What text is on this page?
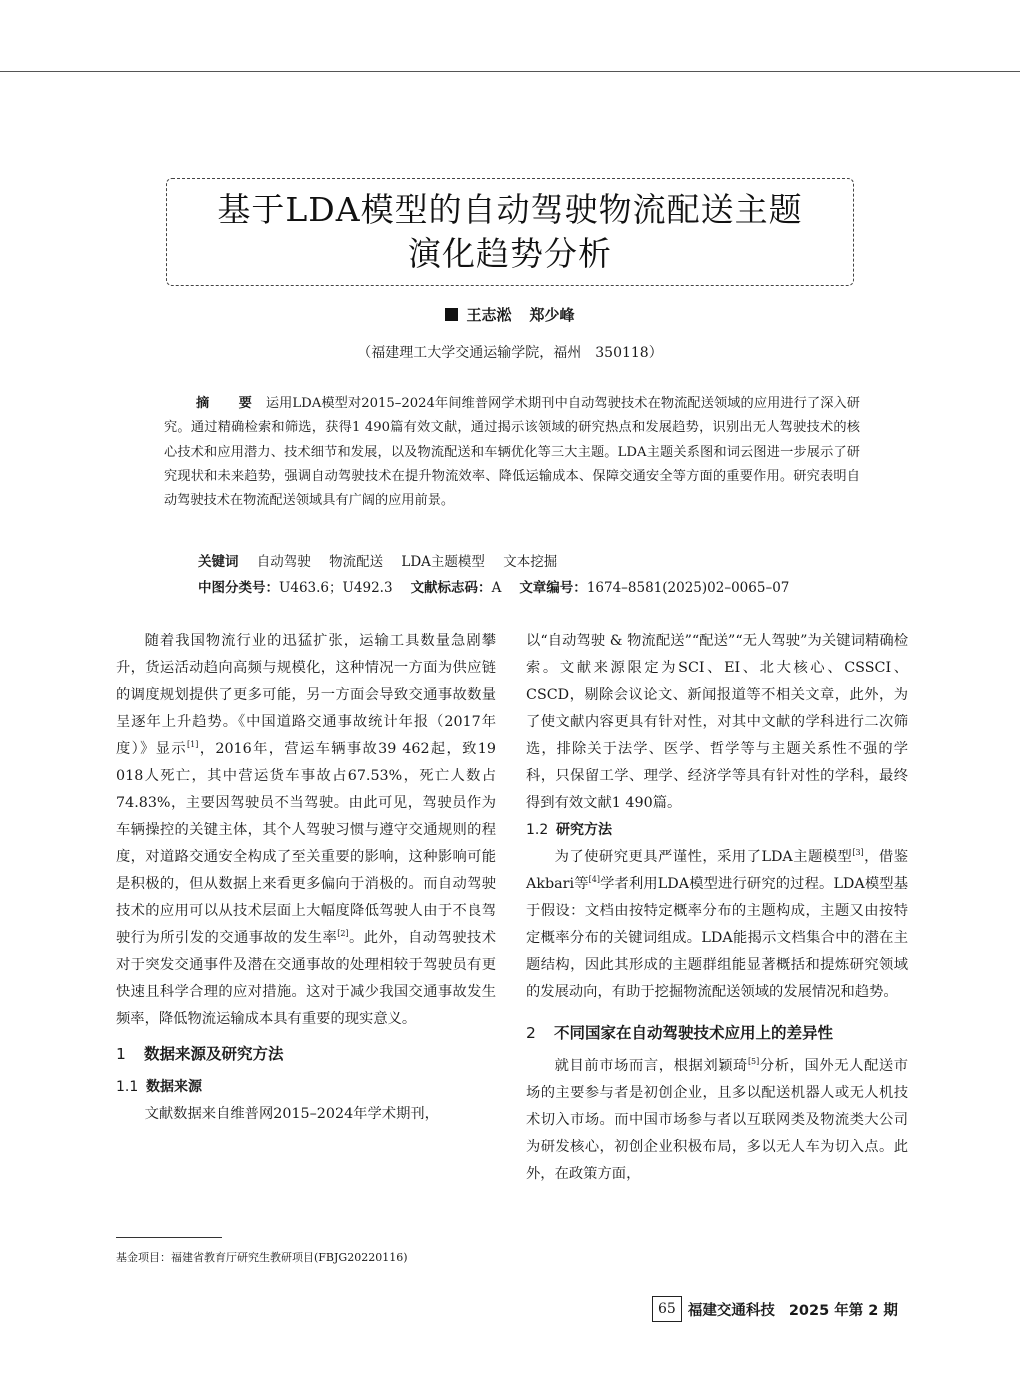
基于LDA模型的自动驾驶物流配送主题
演化趋势分析
王志淞 郑少峰
（福建理工大学交通运输学院，福州　350118）
摘　要 运用LDA模型对2015–2024年间维普网学术期刊中自动驾驶技术在物流配送领域的应用进行了深入研究。通过精确检索和筛选，获得1 490篇有效文献，通过揭示该领域的研究热点和发展趋势，识别出无人驾驶技术的核心技术和应用潜力、技术细节和发展，以及物流配送和车辆优化等三大主题。LDA主题关系图和词云图进一步展示了研究现状和未来趋势，强调自动驾驶技术在提升物流效率、降低运输成本、保障交通安全等方面的重要作用。研究表明自动驾驶技术在物流配送领域具有广阔的应用前景。
关键词 自动驾驶 物流配送 LDA主题模型 文本挖掘
中图分类号：U463.6；U492.3 文献标志码：A 文章编号：1674–8581(2025)02–0065–07

随着我国物流行业的迅猛扩张，运输工具数量急剧攀升，货运活动趋向高频与规模化，这种情况一方面为供应链的调度规划提供了更多可能，另一方面会导致交通事故数量呈逐年上升趋势。《中国道路交通事故统计年报（2017年度）》显示[1]，2016年，营运车辆事故39 462起，致19 018人死亡，其中营运货车事故占67.53%，死亡人数占74.83%，主要因驾驶员不当驾驶。由此可见，驾驶员作为车辆操控的关键主体，其个人驾驶习惯与遵守交通规则的程度，对道路交通安全构成了至关重要的影响，这种影响可能是积极的，但从数据上来看更多偏向于消极的。而自动驾驶技术的应用可以从技术层面上大幅度降低驾驶人由于不良驾驶行为所引发的交通事故的发生率[2]。此外，自动驾驶技术对于突发交通事件及潜在交通事故的处理相较于驾驶员有更快速且科学合理的应对措施。这对于减少我国交通事故发生频率，降低物流运输成本具有重要的现实意义。

1 数据来源及研究方法
1.1 数据来源

文献数据来自维普网2015–2024年学术期刊，

以“自动驾驶 & 物流配送”“配送”“无人驾驶”为关键词精确检索。文献来源限定为SCI、EI、北大核心、CSSCI、CSCD，剔除会议论文、新闻报道等不相关文章，此外，为了使文献内容更具有针对性，对其中文献的学科进行二次筛选，排除关于法学、医学、哲学等与主题关系性不强的学科，只保留工学、理学、经济学等具有针对性的学科，最终得到有效文献1 490篇。

1.2 研究方法

为了使研究更具严谨性，采用了LDA主题模型[3]，借鉴Akbari等[4]学者利用LDA模型进行研究的过程。LDA模型基于假设：文档由按特定概率分布的主题构成，主题又由按特定概率分布的关键词组成。LDA能揭示文档集合中的潜在主题结构，因此其形成的主题群组能显著概括和提炼研究领域的发展动向，有助于挖掘物流配送领域的发展情况和趋势。

2 不同国家在自动驾驶技术应用上的差异性

就目前市场而言，根据刘颖琦[5]分析，国外无人配送市场的主要参与者是初创企业，且多以配送机器人或无人机技术切入市场。而中国市场参与者以互联网类及物流类大公司为研发核心，初创企业积极布局，多以无人车为切入点。此外，在政策方面，

基金项目：福建省教育厅研究生教研项目(FBJG20220116)
65 福建交通科技 2025 年第 2 期
